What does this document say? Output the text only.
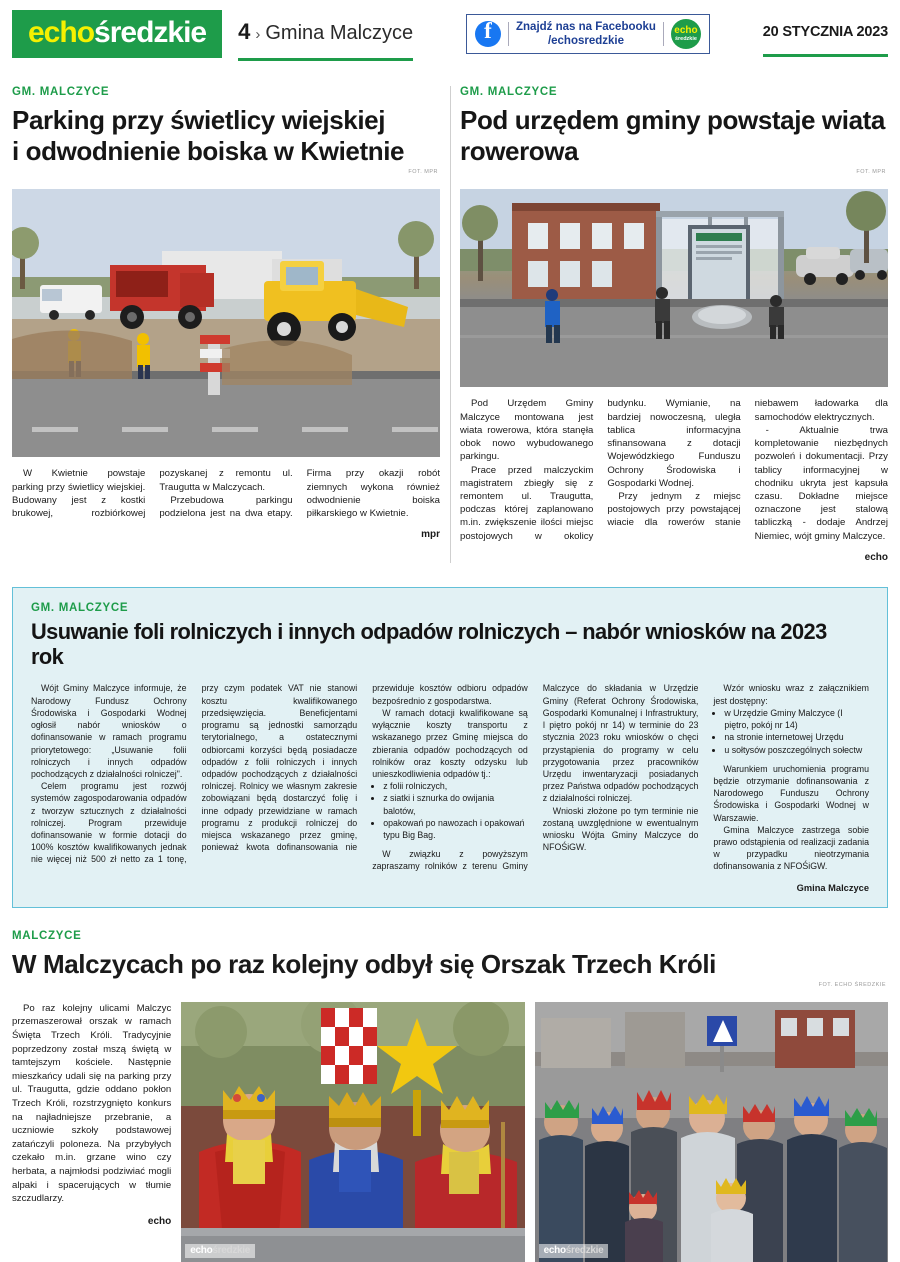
echo średzkie 4 › Gmina Malczyce f	Znajdź nas na Facebooku
/echosredzkie
echo
średzkie	20 STYCZNIA 2023
GM. MALCZYCE
Parking przy świetlicy wiejskiej
i odwodnienie boiska w Kwietnie
FOT. MPR

W Kwietnie powstaje parking przy świetlicy wiejskiej. Budowany jest z kostki brukowej, rozbiórkowej pozyskanej z remontu ul. Traugutta w Malczycach.

Przebudowa parkingu podzielona jest na dwa etapy. Firma przy okazji robót ziemnych wykona również odwodnienie boiska piłkarskiego w Kwietnie.

mpr
GM. MALCZYCE
Pod urzędem gminy powstaje wiata
rowerowa
FOT. MPR

Pod Urzędem Gminy Malczyce montowana jest wiata rowerowa, która stanęła obok nowo wybudowanego parkingu.

Prace przed malczyckim magistratem zbiegły się z remontem ul. Traugutta, podczas której zaplanowano m.in. zwiększenie ilości miejsc postojowych w okolicy budynku. Wymianie, na bardziej nowoczesną, uległa tablica informacyjna sfinansowana z dotacji Wojewódzkiego Funduszu Ochrony Środowiska i Gospodarki Wodnej.

Przy jednym z miejsc postojowych przy powstającej wiacie dla rowerów stanie niebawem ładowarka dla samochodów elektrycznych.

- Aktualnie trwa kompletowanie niezbędnych pozwoleń i dokumentacji. Przy tablicy informacyjnej w chodniku ukryta jest kapsuła czasu. Dokładne miejsce oznaczone jest stalową tabliczką - dodaje Andrzej Niemiec, wójt gminy Malczyce.

echo
GM. MALCZYCE
Usuwanie foli rolniczych i innych odpadów rolniczych – nabór wniosków na 2023 rok

Wójt Gminy Malczyce informuje, że Narodowy Fundusz Ochrony Środowiska i Gospodarki Wodnej ogłosił nabór wniosków o dofinansowanie w ramach programu priorytetowego: „Usuwanie folii rolniczych i innych odpadów pochodzących z działalności rolniczej".

Celem programu jest rozwój systemów zagospodarowania odpadów z tworzyw sztucznych z działalności rolniczej. Program przewiduje dofinansowanie w formie dotacji do 100% kosztów kwalifikowanych jednak nie więcej niż 500 zł netto za 1 tonę, przy czym podatek VAT nie stanowi kosztu kwalifikowanego przedsięwzięcia. Beneficjentami programu są jednostki samorządu terytorialnego, a ostatecznymi odbiorcami korzyści będą posiadacze odpadów z folii rolniczych i innych odpadów pochodzących z działalności rolniczej. Rolnicy we własnym zakresie zobowiązani będą dostarczyć folię i inne odpady przewidziane w ramach programu z produkcji rolniczej do miejsca wskazanego przez gminę, ponieważ kwota dofinansowania nie przewiduje kosztów odbioru odpadów bezpośrednio z gospodarstwa.

W ramach dotacji kwalifikowane są wyłącznie koszty transportu z wskazanego przez Gminę miejsca do zbierania odpadów pochodzących od rolników oraz koszty odzysku lub unieszkodliwienia odpadów tj.:

• z folii rolniczych,
• z siatki i sznurka do owijania balotów,
• opakowań po nawozach i opakowań typu Big Bag.

W związku z powyższym zapraszamy rolników z terenu Gminy Malczyce do składania w Urzędzie Gminy (Referat Ochrony Środowiska, Gospodarki Komunalnej i Infrastruktury, I piętro pokój nr 14) w terminie do 23 stycznia 2023 roku wniosków o chęci przystąpienia do programy w celu przygotowania przez pracowników Urzędu inwentaryzacji posiadanych przez Państwa odpadów pochodzących z działalności rolniczej.

Wnioski złożone po tym terminie nie zostaną uwzględnione w ewentualnym wniosku Wójta Gminy Malczyce do NFOŚiGW.

Wzór wniosku wraz z załącznikiem jest dostępny:

• w Urzędzie Gminy Malczyce (I piętro, pokój nr 14)
• na stronie internetowej Urzędu
• u sołtysów poszczególnych sołectw

Warunkiem uruchomienia programu będzie otrzymanie dofinansowania z Narodowego Funduszu Ochrony Środowiska i Gospodarki Wodnej w Warszawie.

Gmina Malczyce zastrzega sobie prawo odstąpienia od realizacji zadania w przypadku nieotrzymania dofinansowania z NFOŚiGW.

Gmina Malczyce
MALCZYCE
W Malczycach po raz kolejny odbył się Orszak Trzech Króli
FOT. ECHO ŚREDZKIE

Po raz kolejny ulicami Malczyc przemaszerował orszak w ramach Święta Trzech Króli. Tradycyjnie poprzedzony został mszą świętą w tamtejszym kościele. Następnie mieszkańcy udali się na parking przy ul. Traugutta, gdzie oddano pokłon Trzech Króli, rozstrzygnięto konkurs na najładniejsze przebranie, a uczniowie szkoły podstawowej zatańczyli poloneza. Na przybyłych czekało m.in. grzane wino czy herbata, a najmłodsi podziwiać mogli alpaki i spacerujących w tłumie szczudlarzy.

echo
echo średzkie	echo średzkie
